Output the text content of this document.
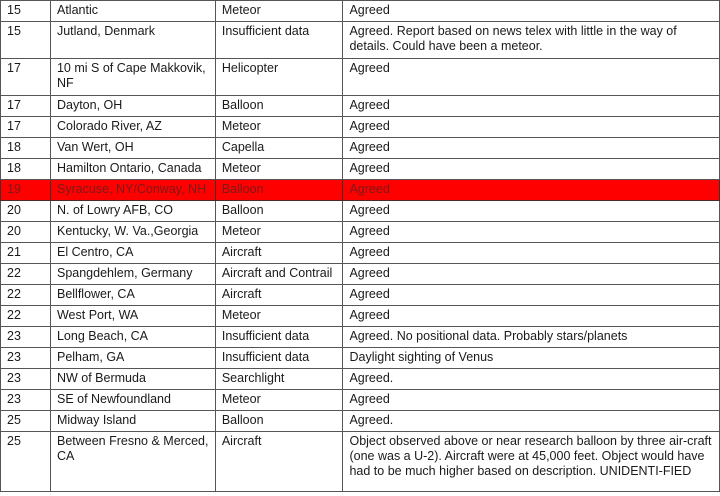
15	Atlantic	Meteor	Agreed
15	Jutland, Denmark	Insufficient data	Agreed. Report based on news telex with little in the way of details. Could have been a meteor.
17	10 mi S of Cape Makkovik, NF	Helicopter	Agreed
17	Dayton, OH	Balloon	Agreed
17	Colorado River, AZ	Meteor	Agreed
18	Van Wert, OH	Capella	Agreed
18	Hamilton Ontario, Canada	Meteor	Agreed
19	Syracuse, NY/Conway, NH	Balloon	Agreed
20	N. of Lowry AFB, CO	Balloon	Agreed
20	Kentucky, W. Va.,Georgia	Meteor	Agreed
21	El Centro, CA	Aircraft	Agreed
22	Spangdehlem, Germany	Aircraft and Contrail	Agreed
22	Bellflower, CA	Aircraft	Agreed
22	West Port, WA	Meteor	Agreed
23	Long Beach, CA	Insufficient data	Agreed. No positional data. Probably stars/planets
23	Pelham, GA	Insufficient data	Daylight sighting of Venus
23	NW of Bermuda	Searchlight	Agreed.
23	SE of Newfoundland	Meteor	Agreed
25	Midway Island	Balloon	Agreed.
25	Between Fresno & Merced, CA	Aircraft	Object observed above or near research balloon by three air-craft (one was a U-2). Aircraft were at 45,000 feet. Object would have had to be much higher based on description. UNIDENTI-FIED
